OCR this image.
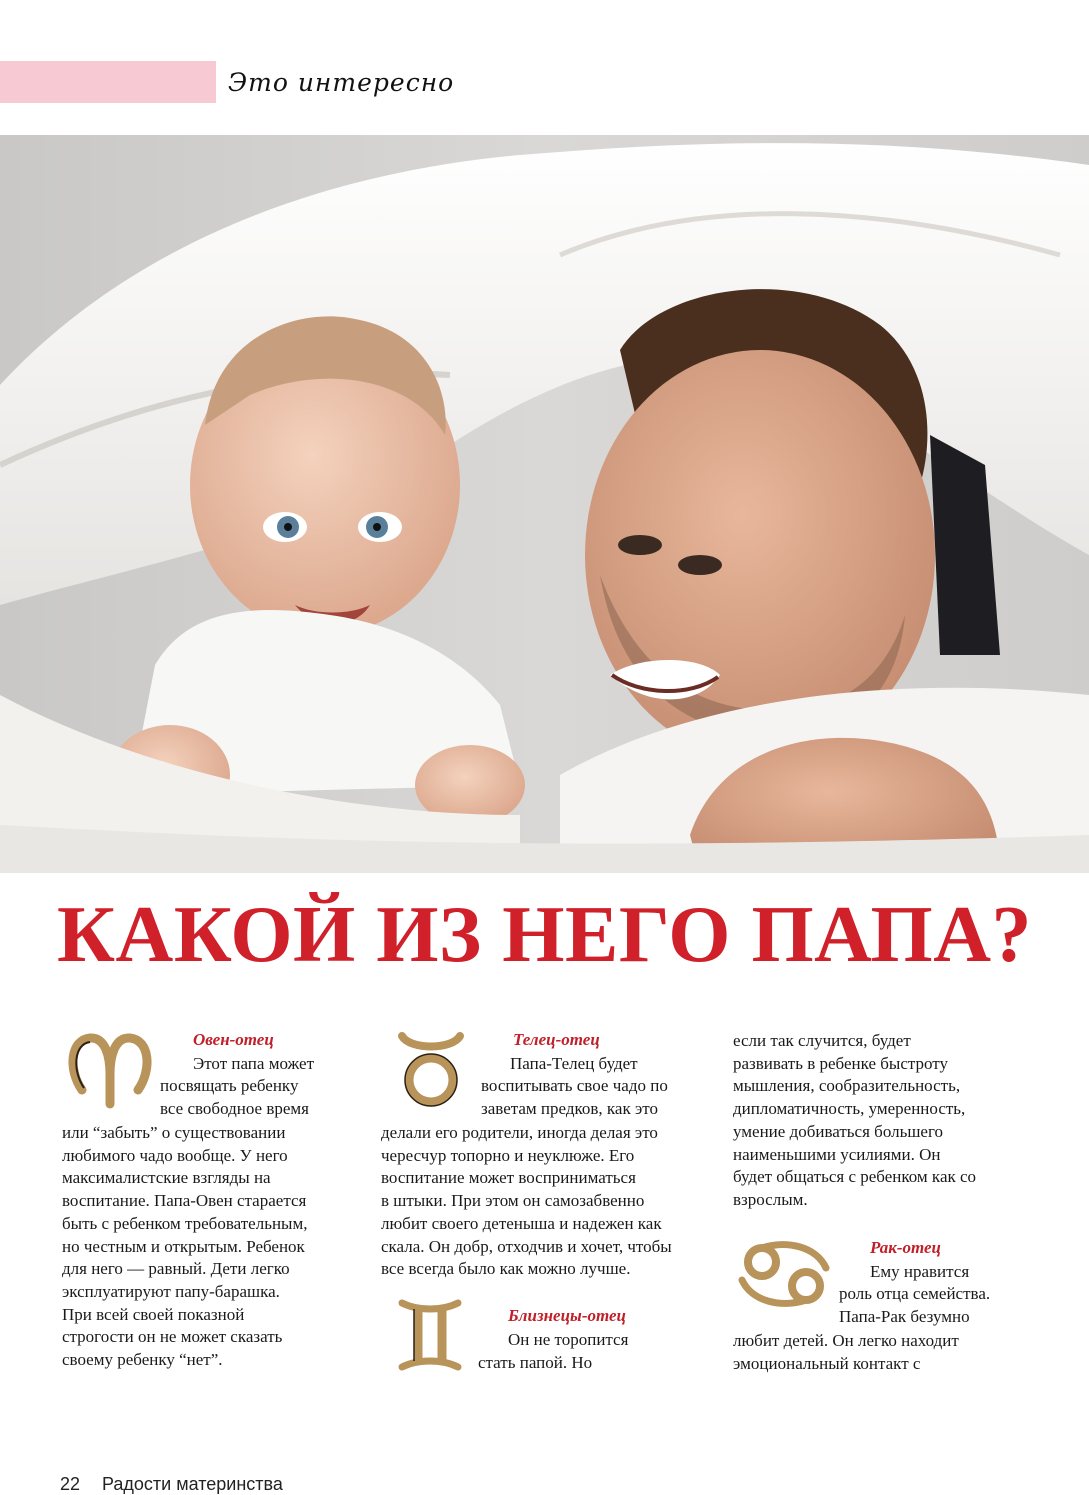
Это интересно
КАКОЙ ИЗ НЕГО ПАПА?
Овен-отец
Этот папа может
посвящать ребенку
все свободное время

или “забыть” о существовании

любимого чадо вообще. У него

максималистские взгляды на

воспитание. Папа-Овен старается

быть с ребенком требовательным,

но честным и открытым. Ребенок

для него — равный. Дети легко

эксплуатируют папу-барашка.

При всей своей показной

строгости он не может сказать

своему ребенку “нет”.

Телец-отец
Папа-Телец будет
воспитывать свое чадо по
заветам предков, как это

делали его родители, иногда делая это

чересчур топорно и неуклюже. Его

воспитание может восприниматься

в штыки. При этом он самозабвенно

любит своего детеныша и надежен как

скала. Он добр, отходчив и хочет, чтобы

все всегда было как можно лучше.

Близнецы-отец
Он не торопится
стать папой. Но

если так случится, будет

развивать в ребенке быстроту

мышления, сообразительность,

дипломатичность, умеренность,

умение добиваться большего

наименьшими усилиями. Он

будет общаться с ребенком как со

взрослым.

Рак-отец
Ему нравится
роль отца семейства.
Папа-Рак безумно

любит детей. Он легко находит

эмоциональный контакт с

22 Радости материнства
